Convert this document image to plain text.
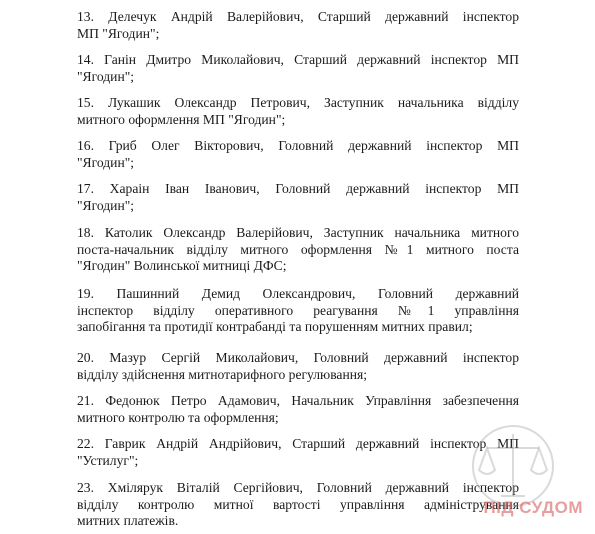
13. Делечук Андрій Валерійович, Старший державний інспектор
МП "Ягодин";
14. Ганін Дмитро Миколайович, Старший державний інспектор МП
"Ягодин";
15. Лукашик Олександр Петрович, Заступник начальника відділу
митного оформлення МП "Ягодин";
16. Гриб Олег Вікторович, Головний державний інспектор МП
"Ягодин";
17. Хараін Іван Іванович, Головний державний інспектор МП
"Ягодин";
18. Католик Олександр Валерійович, Заступник начальника митного
поста-начальник відділу митного оформлення №1 митного поста
"Ягодин" Волинської митниці ДФС;
19. Пашинний Демид Олександрович, Головний державний
інспектор відділу оперативного реагування №1 управління
запобігання та протидії контрабанді та порушенням митних правил;
20. Мазур Сергій Миколайович, Головний державний інспектор
відділу здійснення митнотарифного регулювання;
21. Федонюк Петро Адамович, Начальник Управління забезпечення
митного контролю та оформлення;
22. Гаврик Андрій Андрійович, Старший державний інспектор МП
"Устилуг";
23. Хмілярук Віталій Сергійович, Головний державний інспектор
відділу контролю митної вартості управління адміністрування
митних платежів.
ПІД СУДОМ
